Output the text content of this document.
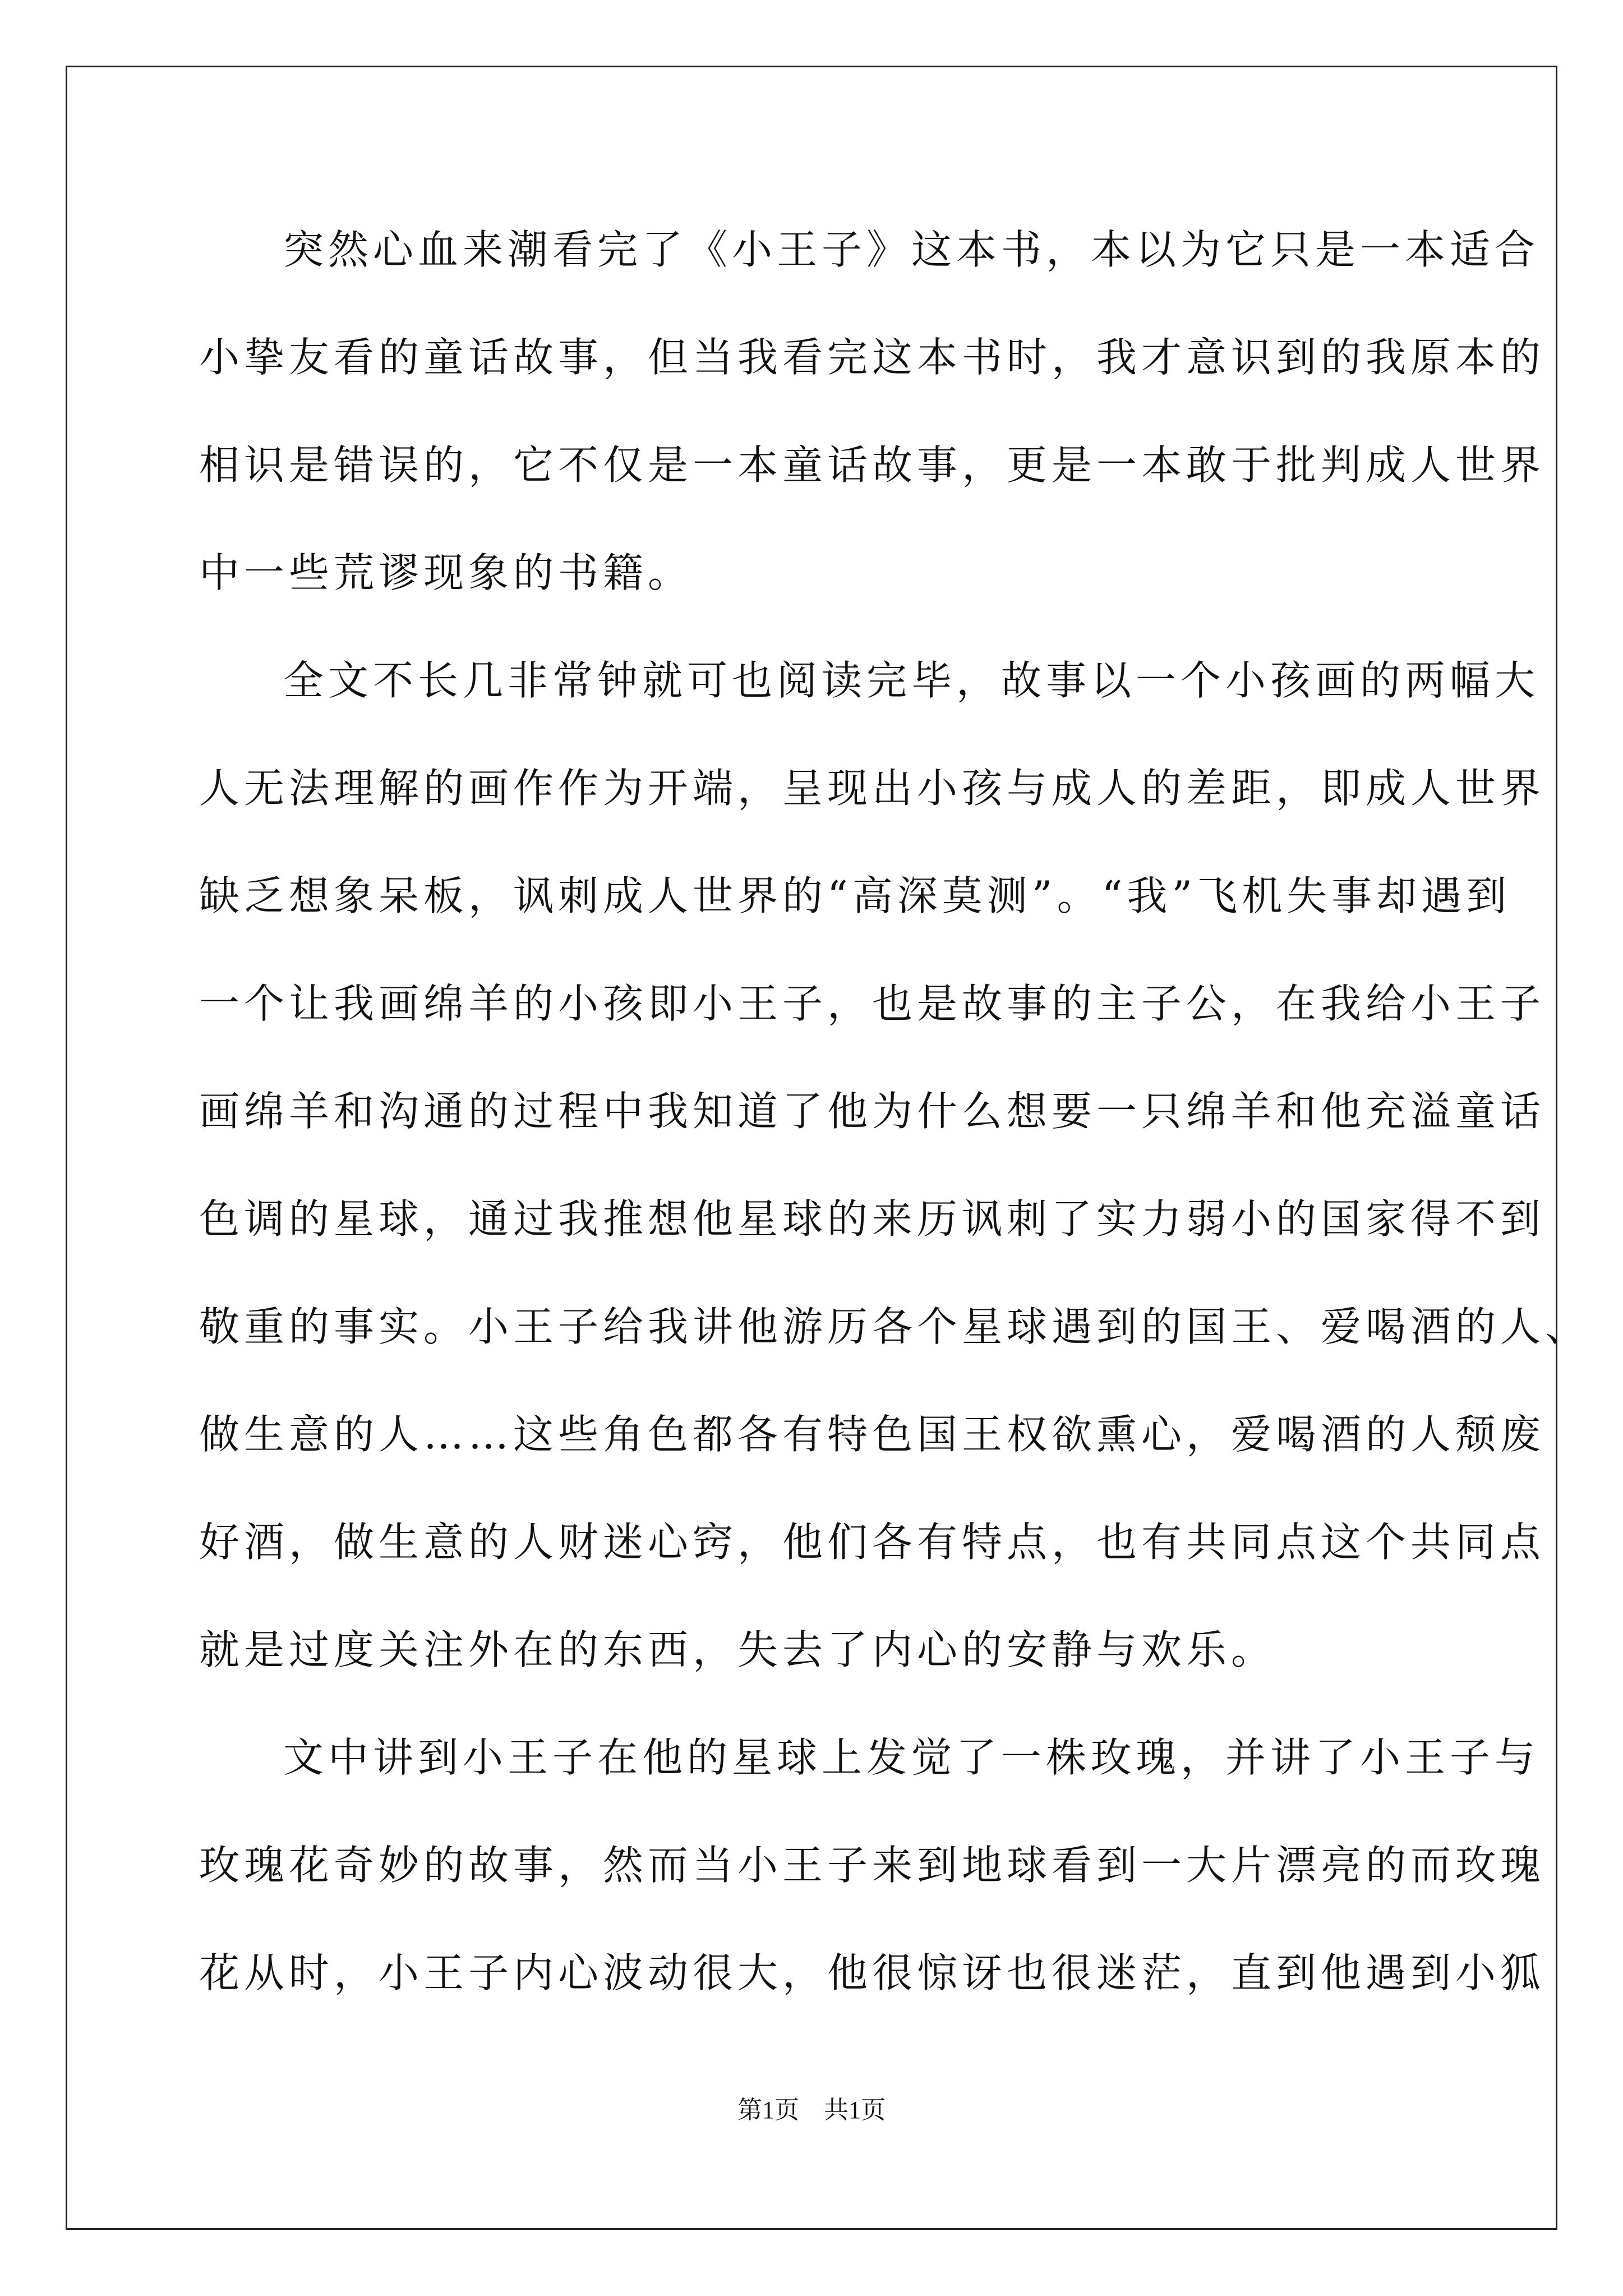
突然心血来潮看完了《小王子》这本书，本以为它只是一本适合
小挚友看的童话故事，但当我看完这本书时，我才意识到的我原本的
相识是错误的，它不仅是一本童话故事，更是一本敢于批判成人世界
中一些荒谬现象的书籍。
全文不长几非常钟就可也阅读完毕，故事以一个小孩画的两幅大
人无法理解的画作作为开端，呈现出小孩与成人的差距，即成人世界
缺乏想象呆板，讽刺成人世界的“高深莫测”。“我”飞机失事却遇到
一个让我画绵羊的小孩即小王子，也是故事的主子公，在我给小王子
画绵羊和沟通的过程中我知道了他为什么想要一只绵羊和他充溢童话
色调的星球，通过我推想他星球的来历讽刺了实力弱小的国家得不到
敬重的事实。小王子给我讲他游历各个星球遇到的国王、爱喝酒的人、
做生意的人……这些角色都各有特色国王权欲熏心，爱喝酒的人颓废
好酒，做生意的人财迷心窍，他们各有特点，也有共同点这个共同点
就是过度关注外在的东西，失去了内心的安静与欢乐。
文中讲到小王子在他的星球上发觉了一株玫瑰，并讲了小王子与
玫瑰花奇妙的故事，然而当小王子来到地球看到一大片漂亮的而玫瑰
花从时，小王子内心波动很大，他很惊讶也很迷茫，直到他遇到小狐
第1页 共1页
